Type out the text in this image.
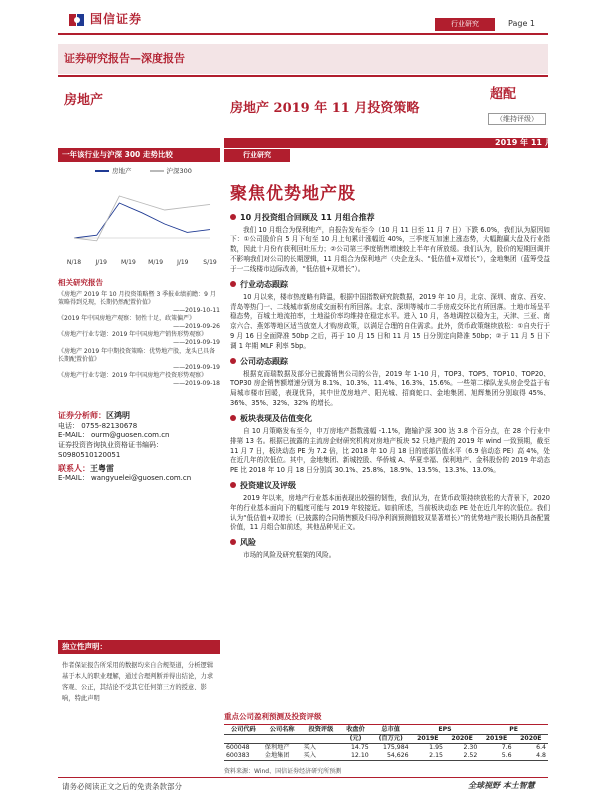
国信证券	行业研究	Page 1
证券研究报告—深度报告
房地产
房地产 2019 年 11 月投资策略
超配
（维持评级）
2019 年 11 月 08 日
一年该行业与沪深 300 走势比较	行业研究
房地产	沪深300
N/18 J/19 M/19 M/19 J/19 S/19
聚焦优势地产股
相关研究报告

《房地产 2019 年 10 月投资策略暨 3 季报业绩前瞻：9 月策略得到兑现，长期仍然配置价值》

——2019-10-11

《2019 年中国房地产观察：韧性十足，政策偏严》

——2019-09-26

《房地产行业专题：2019 年中国房地产销售形势观察》

——2019-09-19

《房地产 2019 年中期投资策略：优势地产股，龙头已具备长期配置价值》

——2019-09-19

《房地产行业专题：2019 年中国房地产投资形势观察》

——2019-09-18

证券分析师：区鸿明
电话： 0755-82130678
E-MAIL： ourm@guosen.com.cn
证券投资咨询执业资格证书编码：S0980510120051
联系人：王粤雷
E-MAIL： wangyuelei@guosen.com.cn
独立性声明：
作者保证报告所采用的数据均来自合规渠道，分析逻辑基于本人的职业理解，通过合理判断并得出结论，力求客观、公正，其结论不受其它任何第三方的授意、影响，特此声明
10 月投资组合回顾及 11 月组合推荐
我们 10 月组合为保利地产，自报告发布至今（10 月 11 日至 11 月 7 日）下跌 6.0%，我们认为原因如下：①公司股价自 5 月下旬至 10 月上旬累计涨幅近 40%，三季度互加速上涨态势，大幅跑赢大盘及行业指数，因此十月份有获利回吐压力；②公司第三季度销售增速较上半年有所放缓。我们认为，股价的短期回调并不影响我们对公司的长期逻辑，11 月组合为保利地产（央企龙头、“低估值+双增长”），金地集团（蓝筹受益于一二线楼市边际改善，“低估值+双增长”）。
行业动态跟踪
10 月以来，楼市热度略有降温，根据中国指数研究院数据，2019 年 10 月，北京、深圳、南京、西安、青岛等热门一、二线城市新房成交面积有所回落。北京、深圳等城市二手房成交环比有所回落。土地市场呈平稳态势，百城土地流拍率，土地溢价率均维持在稳定水平。进入 10 月，各地调控以稳为主，天津、三亚、南京六合、燕郊等地区适当放宽人才购房政策，以满足合理的自住需求。此外，货币政策继续放松：①自央行于 9 月 16 日全面降准 50bp 之后，再于 10 月 15 日和 11 月 15 日分别定向降准 50bp；②于 11 月 5 日下调 1 年期 MLF 利率 5bp。
公司动态跟踪
根据克而瑞数据及部分已披露销售公司的公告，2019 年 1-10 月，TOP3、TOP5、TOP10、TOP20、TOP30 房企销售额增速分别为 8.1%、10.3%、11.4%、16.3%、15.6%。一些第二梯队龙头房企受益于布局城市楼市回暖，表现优异，其中世茂房地产、阳光城、招商蛇口、金地集团、旭辉集团分别取得 45%、36%、35%、32%、32% 的增长。
板块表现及估值变化
自 10 月策略发布至今，申万房地产指数涨幅 -1.1%，跑输沪深 300 达 3.8 个百分点，在 28 个行业中排第 13 名。根据已披露的主流房企财研究机构对房地产板块 52 只地产股的 2019 年 wind 一致预期，截至 11 月 7 日，板块动态 PE 为 7.2 倍，比 2018 年 10 月 18 日的底部估值水平（6.9 倍动态 PE）高 4%，处在近几年的次低位。其中，金地集团、新城控股、华侨城 A、华夏幸福、保利地产、金科股份的 2019 年动态 PE 比 2018 年 10 月 18 日分别高 30.1%、25.8%、18.9%、13.5%、13.3%、13.0%。
投资建议及评级
2019 年以来，房地产行业基本面表现出较强的韧性，我们认为，在货币政策持续放松的大背景下，2020 年的行业基本面向下的幅度可能与 2019 年较接近。如前所述，当前板块动态 PE 处在近几年的次低位。我们认为“低估值+双增长（已披露的合同销售额及归母净利润预测值较双显著增长）”的优势地产股长期仍具备配置价值，11 月组合如前述，其他品种见正文。
风险
市场的风险及研究框架的风险。
重点公司盈利预测及投资评级
公司代码	公司名称	投资评级	收盘价	总市值	EPS		PE	
			(元)	(百万元)	2019E	2020E	2019E	2020E
600048	保利地产	买入	14.75	175,984	1.95	2.30	7.6	6.4
600383	金地集团	买入	12.10	54,626	2.15	2.52	5.6	4.8
资料来源：Wind、国信证券经济研究所预测
请务必阅读正文之后的免责条款部分	全球视野 本土智慧
